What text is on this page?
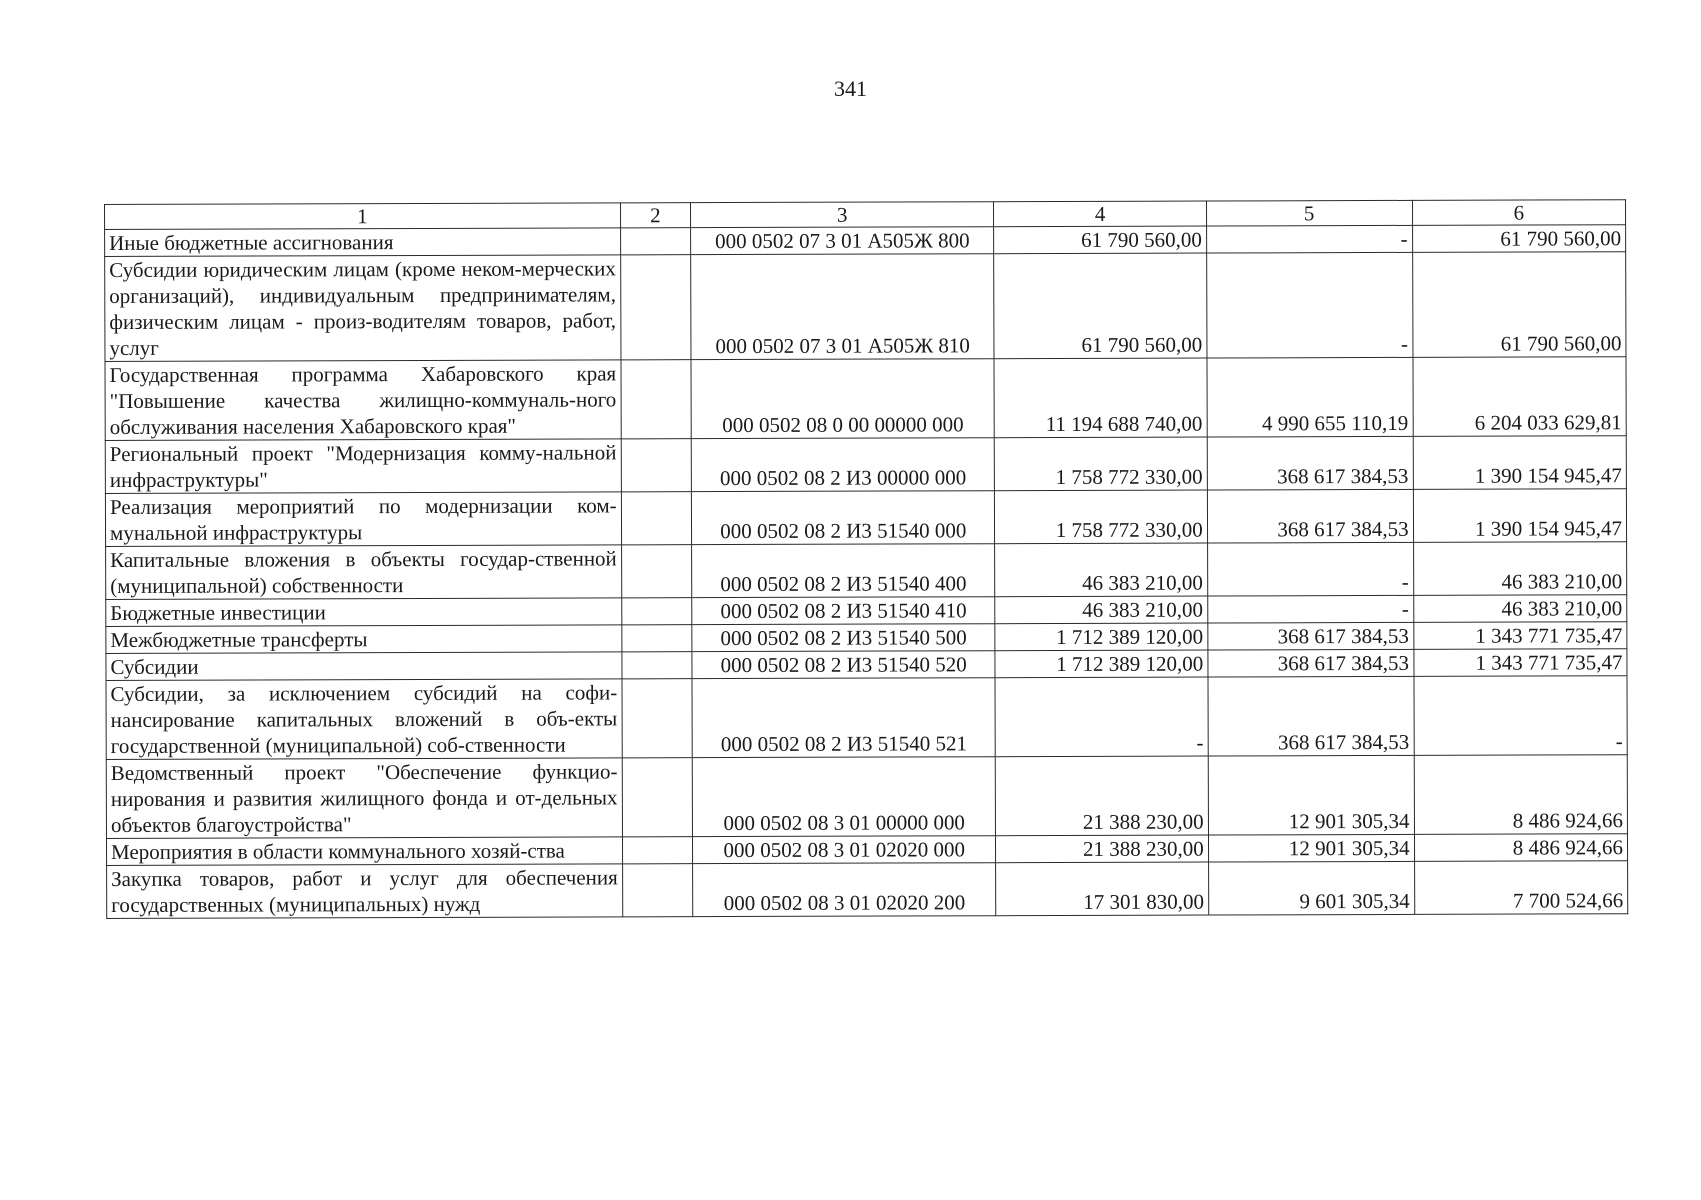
341
1	2	3	4	5	6
Иные бюджетные ассигнования		000 0502 07 3 01 А505Ж 800	61 790 560,00	-	61 790 560,00
Субсидии юридическим лицам (кроме неком-мерческих организаций), индивидуальным предпринимателям, физическим лицам - произ-водителям товаров, работ, услуг		000 0502 07 3 01 А505Ж 810	61 790 560,00	-	61 790 560,00
Государственная программа Хабаровского края "Повышение качества жилищно-коммуналь-ного обслуживания населения Хабаровского края"		000 0502 08 0 00 00000 000	11 194 688 740,00	4 990 655 110,19	6 204 033 629,81
Региональный проект "Модернизация комму-нальной инфраструктуры"		000 0502 08 2 И3 00000 000	1 758 772 330,00	368 617 384,53	1 390 154 945,47
Реализация мероприятий по модернизации ком-мунальной инфраструктуры		000 0502 08 2 И3 51540 000	1 758 772 330,00	368 617 384,53	1 390 154 945,47
Капитальные вложения в объекты государ-ственной (муниципальной) собственности		000 0502 08 2 И3 51540 400	46 383 210,00	-	46 383 210,00
Бюджетные инвестиции		000 0502 08 2 И3 51540 410	46 383 210,00	-	46 383 210,00
Межбюджетные трансферты		000 0502 08 2 И3 51540 500	1 712 389 120,00	368 617 384,53	1 343 771 735,47
Субсидии		000 0502 08 2 И3 51540 520	1 712 389 120,00	368 617 384,53	1 343 771 735,47
Субсидии, за исключением субсидий на софи-нансирование капитальных вложений в объ-екты государственной (муниципальной) соб-ственности		000 0502 08 2 И3 51540 521	-	368 617 384,53	-
Ведомственный проект "Обеспечение функцио-нирования и развития жилищного фонда и от-дельных объектов благоустройства"		000 0502 08 3 01 00000 000	21 388 230,00	12 901 305,34	8 486 924,66
Мероприятия в области коммунального хозяй-ства		000 0502 08 3 01 02020 000	21 388 230,00	12 901 305,34	8 486 924,66
Закупка товаров, работ и услуг для обеспечения государственных (муниципальных) нужд		000 0502 08 3 01 02020 200	17 301 830,00	9 601 305,34	7 700 524,66
